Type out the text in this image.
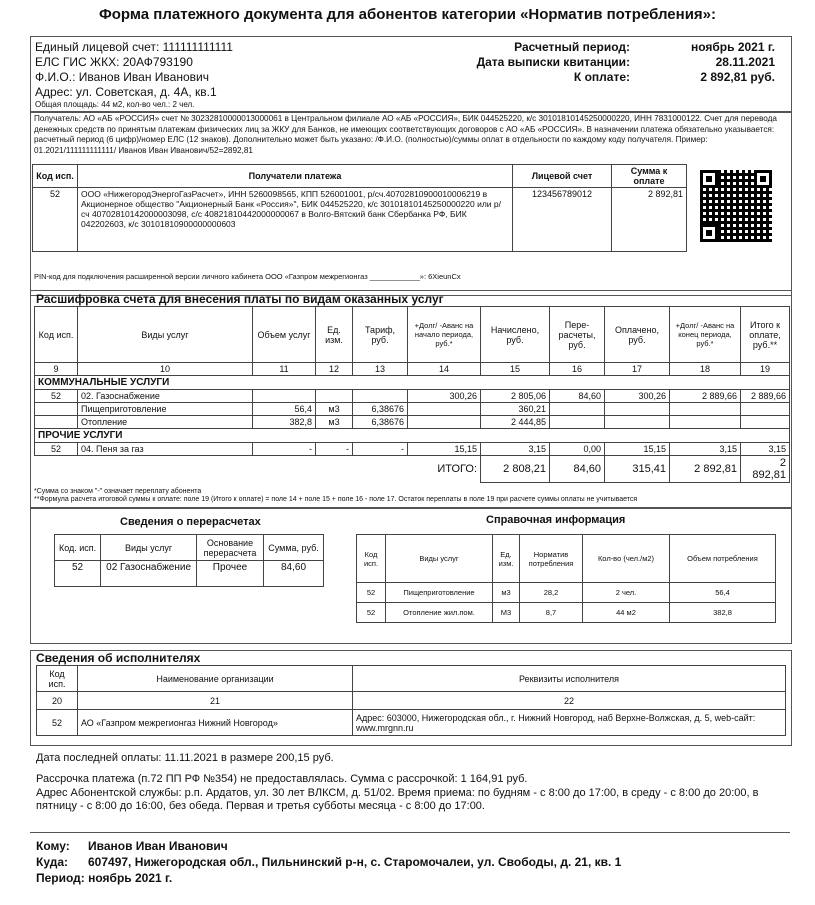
Форма платежного документа для абонентов категории «Норматив потребления»:
Единый лицевой счет: 111111111111
ЕЛС ГИС ЖКХ: 20АФ793190
Ф.И.О.: Иванов Иван Иванович
Адрес: ул. Советская, д. 4А, кв.1
Общая площадь: 44 м2, кол-во чел.: 2 чел.
Расчетный период:	ноябрь 2021 г.
Дата выписки квитанции:	28.11.2021
К оплате:	2 892,81 руб.
Получатель: АО «АБ «РОССИЯ» счет № 30232810000013000061 в Центральном филиале АО «АБ «РОССИЯ», БИК 044525220, к/с 30101810145250000220, ИНН 7831000122. Счет для перевода денежных средств по принятым платежам физических лиц за ЖКУ для Банков, не имеющих соответствующих договоров с АО «АБ «РОССИЯ». В назначении платежа обязательно указывается: расчетный период (6 цифр)/номер ЕЛС (12 знаков). Дополнительно может быть указано: /Ф.И.О. (полностью)/суммы оплат в отдельности по каждому коду получателя. Пример: 01.2021/111111111111/ Иванов Иван Иванович/52=2892,81
Код исп.	Получатели платежа	Лицевой счет	Сумма к оплате
52	ООО «НижегородЭнергоГазРасчет», ИНН 5260098565, КПП 526001001, р/сч.40702810900010006219 в Акционерное общество "Акционерный Банк «Россия»", БИК 044525220, к/с 30101810145250000220 или р/сч 40702810142000003098, с/с 40821810442000000067 в Волго-Вятский банк Сбербанка РФ, БИК 042202603, к/с 30101810900000000603	123456789012	2 892,81
PIN-код для подключения расширенной версии личного кабинета ООО «Газпром межрегионгаз ____________»: 6XieunCx
Расшифровка счета для внесения платы по видам оказанных услуг
Код исп.	Виды услуг	Объем услуг	Ед. изм.	Тариф, руб.	+Долг/ -Аванс на начало периода, руб.*	Начислено, руб.	Пере-расчеты, руб.	Оплачено, руб.	+Долг/ -Аванс на конец периода, руб.*	Итого к оплате, руб.**
9	10	11	12	13	14	15	16	17	18	19
КОММУНАЛЬНЫЕ УСЛУГИ										
52	02. Газоснабжение				300,26	2 805,06	84,60	300,26	2 889,66	2 889,66
	Пищеприготовление	56,4	м3	6,38676		360,21				
	Отопление	382,8	м3	6,38676		2 444,85				
ПРОЧИЕ УСЛУГИ										
52	04. Пеня за газ	-	-	-	15,15	3,15	0,00	15,15	3,15	3,15
ИТОГО:						2 808,21	84,60	315,41	2 892,81	2 892,81
*Сумма со знаком "-" означает переплату абонента
**Формула расчета итоговой суммы к оплате: поле 19 (Итого к оплате) = поле 14 + поле 15 + поле 16 - поле 17. Остаток переплаты в поле 19 при расчете суммы оплаты не учитывается
Сведения о перерасчетах
Код. исп.	Виды услуг	Основание перерасчета	Сумма, руб.
52	02 Газоснабжение	Прочее	84,60
Справочная информация
Код исп.	Виды услуг	Ед. изм.	Норматив потребления	Кол-во (чел./м2)	Объем потребления
52	Пищеприготовление	м3	28,2	2 чел.	56,4
52	Отопление жил.пом.	М3	8,7	44 м2	382,8
Сведения об исполнителях
Код исп.	Наименование организации	Реквизиты исполнителя
20	21	22
52	АО «Газпром межрегионгаз Нижний Новгород»	Адрес: 603000, Нижегородская обл., г. Нижний Новгород, наб Верхне-Волжская, д. 5, web-сайт: www.mrgnn.ru
Дата последней оплаты: 11.11.2021 в размере 200,15 руб.
Рассрочка платежа (п.72 ПП РФ №354) не предоставлялась. Сумма с рассрочкой: 1 164,91 руб.
Адрес Абонентской службы: р.п. Ардатов, ул. 30 лет ВЛКСМ, д. 51/02. Время приема: по будням - с 8:00 до 17:00, в среду - с 8:00 до 20:00, в пятницу - с 8:00 до 16:00, без обеда. Первая и третья субботы месяца - с 8:00 до 17:00.
Кому: Иванов Иван Иванович
Куда: 607497, Нижегородская обл., Пильнинский р-н, с. Старомочалеи, ул. Свободы, д. 21, кв. 1
Период: ноябрь 2021 г.
